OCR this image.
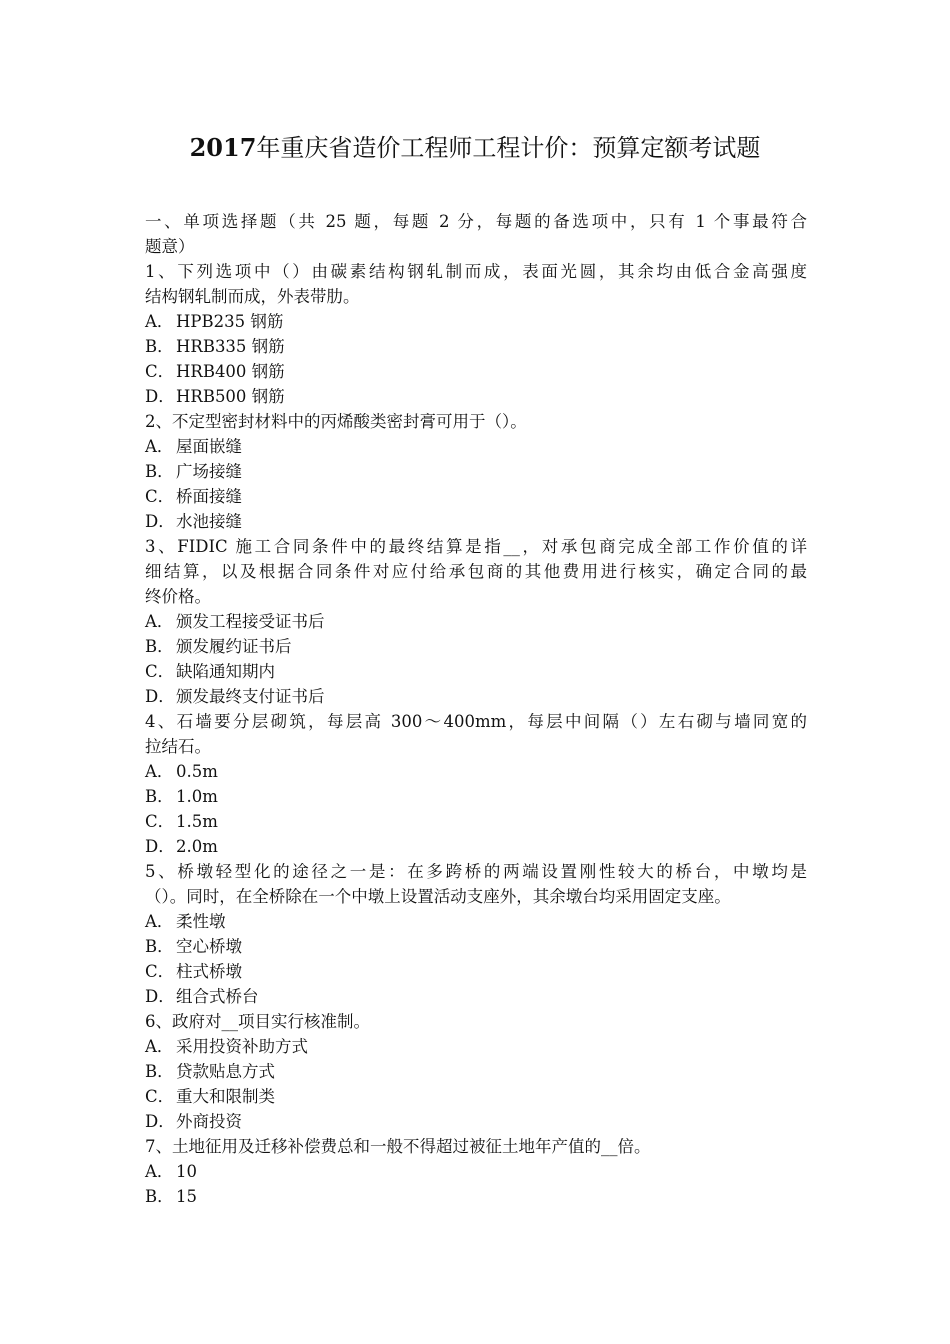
2017年重庆省造价工程师工程计价：预算定额考试题
一、单项选择题（共 25 题，每题 2 分，每题的备选项中，只有 1 个事最符合
题意）
1、下列选项中（）由碳素结构钢轧制而成，表面光圆，其余均由低合金高强度
结构钢轧制而成，外表带肋。
A． HPB235 钢筋
B． HRB335 钢筋
C． HRB400 钢筋
D．HRB500 钢筋
2、不定型密封材料中的丙烯酸类密封膏可用于（）。
A． 屋面嵌缝
B． 广场接缝
C． 桥面接缝
D．水池接缝
3、FIDIC 施工合同条件中的最终结算是指__，对承包商完成全部工作价值的详
细结算，以及根据合同条件对应付给承包商的其他费用进行核实，确定合同的最
终价格。
A． 颁发工程接受证书后
B． 颁发履约证书后
C． 缺陷通知期内
D．颁发最终支付证书后
4、石墙要分层砌筑，每层高 300～400mm，每层中间隔（）左右砌与墙同宽的
拉结石。
A． 0.5m
B． 1.0m
C． 1.5m
D．2.0m
5、桥墩轻型化的途径之一是：在多跨桥的两端设置刚性较大的桥台，中墩均是
（）。同时，在全桥除在一个中墩上设置活动支座外，其余墩台均采用固定支座。
A． 柔性墩
B． 空心桥墩
C． 柱式桥墩
D．组合式桥台
6、政府对__项目实行核准制。
A． 采用投资补助方式
B． 贷款贴息方式
C． 重大和限制类
D．外商投资
7、土地征用及迁移补偿费总和一般不得超过被征土地年产值的__倍。
A． 10
B． 15
